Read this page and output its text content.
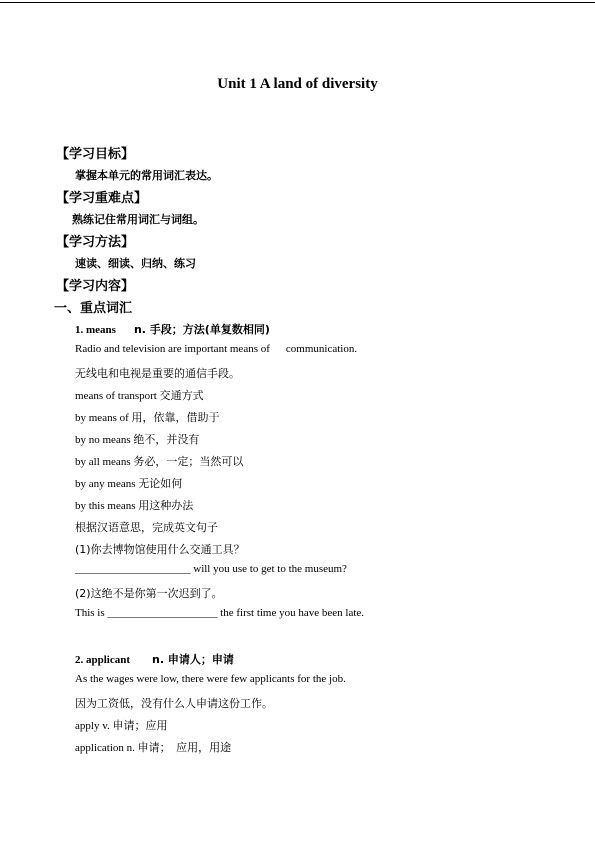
Unit 1 A land of diversity
【学习目标】
掌握本单元的常用词汇表达。
【学习重难点】
熟练记住常用词汇与词组。
【学习方法】
速读、细读、归纳、练习
【学习内容】
一、重点词汇
1. means n. 手段；方法(单复数相同)
Radio and television are important means of communication.
无线电和电视是重要的通信手段。
means of transport 交通方式
by means of 用，依靠，借助于
by no means 绝不，并没有
by all means 务必，一定；当然可以
by any means 无论如何
by this means 用这种办法
根据汉语意思，完成英文句子
(1)你去博物馆使用什么交通工具？
_____________________ will you use to get to the museum?
(2)这绝不是你第一次迟到了。
This is ____________________ the first time you have been late.
2. applicant n. 申请人；申请
As the wages were low, there were few applicants for the job.
因为工资低，没有什么人申请这份工作。
apply v. 申请；应用
application n. 申请；　应用，用途
